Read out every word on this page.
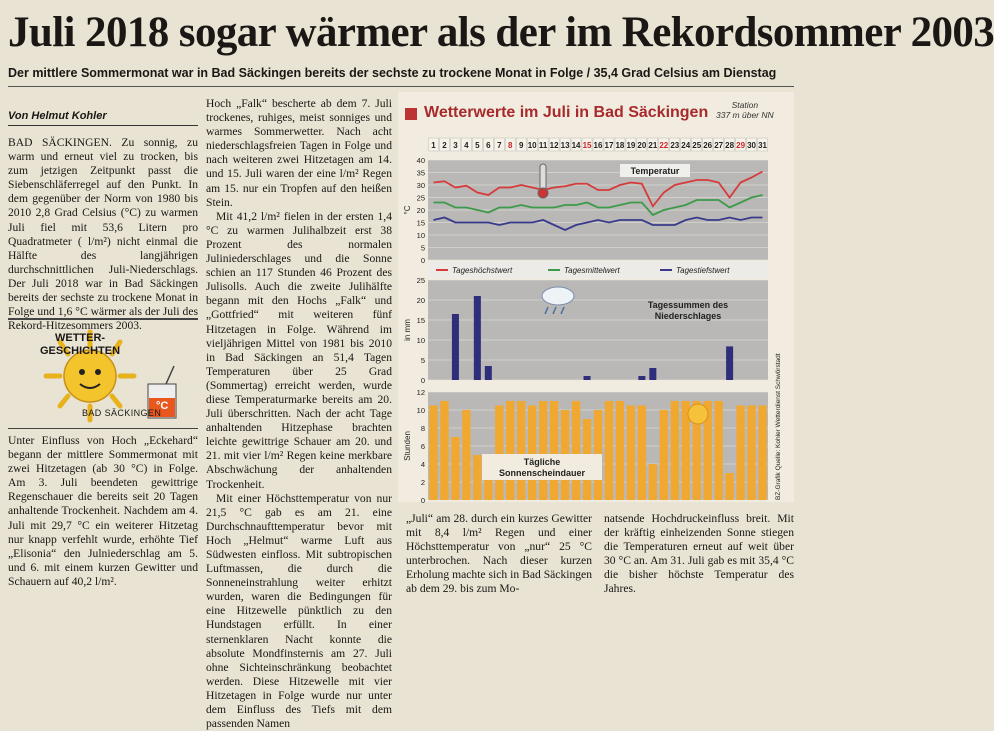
Juli 2018 sogar wärmer als der im Rekordsommer 2003
Der mittlere Sommermonat war in Bad Säckingen bereits der sechste zu trockene Monat in Folge / 35,4 Grad Celsius am Dienstag
Von Helmut Kohler

BAD SÄCKINGEN. Zu sonnig, zu warm und erneut viel zu trocken, bis zum jetzigen Zeitpunkt passt die Siebenschläferregel auf den Punkt. In dem gegenüber der Norm von 1980 bis 2010 2,8 Grad Celsius (°C) zu warmen Juli fiel mit 53,6 Litern pro Quadratmeter ( l/m²) nicht einmal die Hälfte des langjährigen durchschnittlichen Juli-Niederschlags. Der Juli 2018 war in Bad Säckingen bereits der sechste zu trockene Monat in Folge und 1,6 °C wärmer als der Juli des Rekord-Hitzesommers 2003.

WETTER-
GESCHICHTEN
BAD SÄCKINGEN
°C

Unter Einfluss von Hoch „Eckehard“ begann der mittlere Sommermonat mit zwei Hitzetagen (ab 30 °C) in Folge. Am 3. Juli beendeten gewittrige Regenschauer die bereits seit 20 Tagen anhaltende Trockenheit. Nachdem am 4. Juli mit 29,7 °C ein weiterer Hitzetag nur knapp verfehlt wurde, erhöhte Tief „Elisonia“ den Julniederschlag am 5. und 6. mit einem kurzen Gewitter und Schauern auf 40,2 l/m².

Hoch „Falk“ bescherte ab dem 7. Juli trockenes, ruhiges, meist sonniges und warmes Sommerwetter. Nach acht niederschlagsfreien Tagen in Folge und nach weiteren zwei Hitzetagen am 14. und 15. Juli waren der eine l/m² Regen am 15. nur ein Tropfen auf den heißen Stein.

Mit 41,2 l/m² fielen in der ersten 1,4 °C zu warmen Julihalbzeit erst 38 Prozent des normalen Juliniederschlages und die Sonne schien an 117 Stunden 46 Prozent des Julisolls. Auch die zweite Julihälfte begann mit den Hochs „Falk“ und „Gottfried“ mit weiteren fünf Hitzetagen in Folge. Während im vieljährigen Mittel von 1981 bis 2010 in Bad Säckingen an 51,4 Tagen Temperaturen über 25 Grad (Sommertag) erreicht werden, wurde diese Temperaturmarke bereits am 20. Juli überschritten. Nach der acht Tage anhaltenden Hitzephase brachten leichte gewittrige Schauer am 20. und 21. mit vier l/m² Regen keine merkbare Abschwächung der anhaltenden Trockenheit.

Mit einer Höchsttemperatur von nur 21,5 °C gab es am 21. eine Durchschnaufttemperatur bevor mit Hoch „Helmut“ warme Luft aus Südwesten einfloss. Mit subtropischen Luftmassen, die durch die Sonneneinstrahlung weiter erhitzt wurden, waren die Bedingungen für eine Hitzewelle pünktlich zu den Hundstagen erfüllt. In einer sternenklaren Nacht konnte die absolute Mondfinsternis am 27. Juli ohne Sichteinschränkung beobachtet werden. Diese Hitzewelle mit vier Hitzetagen in Folge wurde nur unter dem Einfluss des Tiefs mit dem passenden Namen

Wetterwerte im Juli in Bad Säckingen	Station
337 m über NN
1 2 3 4 5 6 7 8 9 10 11 12 13 14 15 16 17 18 19 20 21 22 23 24 25 26 27 28 29 30 31
0
5
10
15
20
25
30
35
40
°C
Temperatur
Tageshöchstwert	Tagesmittelwert	Tagestiefstwert
0
5
10
15
20
25
in mm
Tagessummen des
Niederschlages
0
2
4
6
8
10
12
Stunden
Tägliche
Sonnenscheindauer	BZ-Grafik Quelle: Kohler Wetterdienst Schwörstadt
„Juli“ am 28. durch ein kurzes Gewitter mit 8,4 l/m² Regen und einer Höchsttemperatur von „nur“ 25 °C unterbrochen. Nach dieser kurzen Erholung machte sich in Bad Säckingen ab dem 29. bis zum Mo-
natsende Hochdruckeinfluss breit. Mit der kräftig einheizenden Sonne stiegen die Temperaturen erneut auf weit über 30 °C an. Am 31. Juli gab es mit 35,4 °C die bisher höchste Temperatur des Jahres.
